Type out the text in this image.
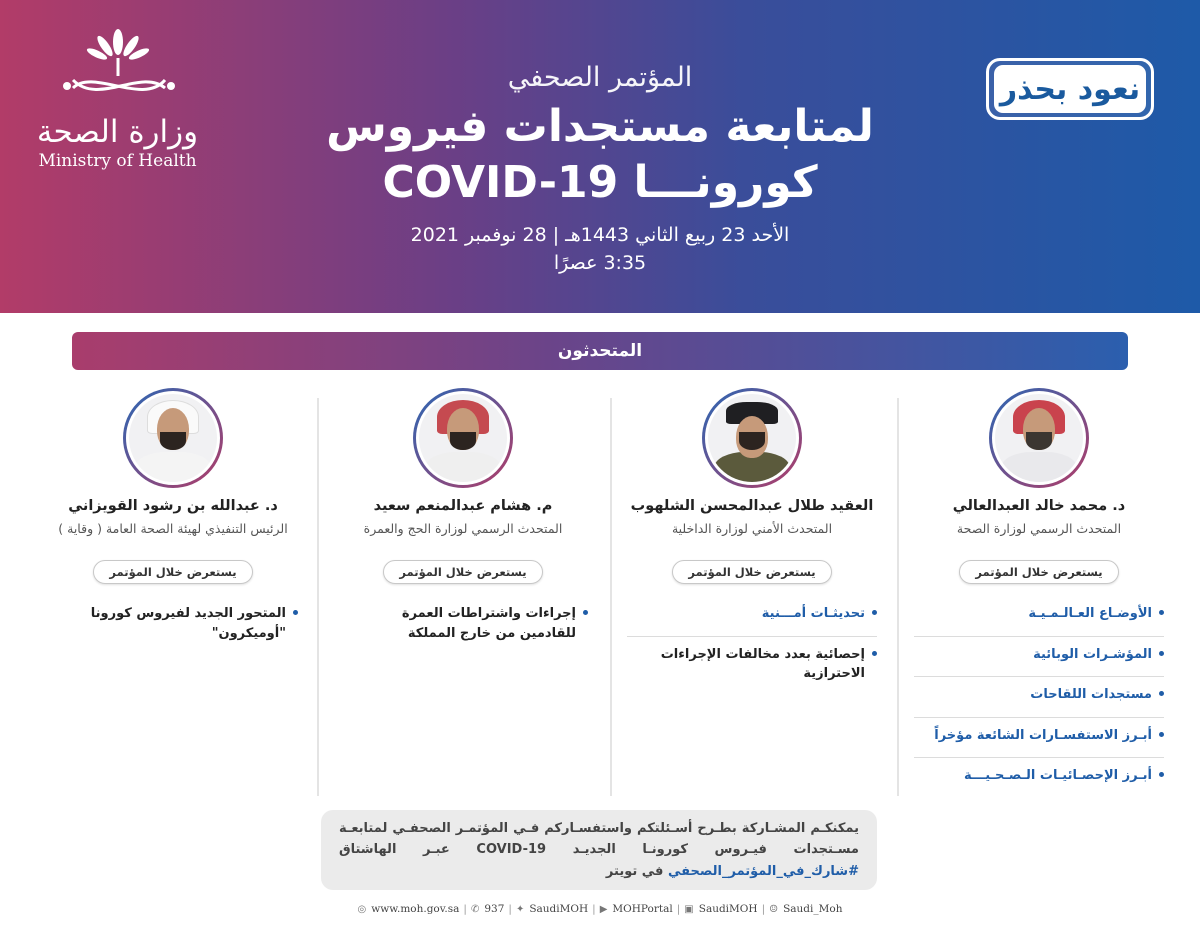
وزارة الصحة
Ministry of Health
المؤتمر الصحفي
لمتابعة مستجدات فيروس
كورونـــا COVID-19
الأحد 23 ربيع الثاني 1443هـ | 28 نوفمبر 2021
3:35 عصرًا
نعود بحذر
المتحدثون
د. محمد خالد العبدالعالي
المتحدث الرسمي لوزارة الصحة
يستعرض خلال المؤتمر
الأوضـاع العـالـمـيـة
المؤشـرات الوبائية
مستجدات اللقاحات
أبـرز الاستفسـارات الشائعة مؤخراً
أبـرز الإحصـائيـات الـصـحـيـــة
العقيد طلال عبدالمحسن الشلهوب
المتحدث الأمني لوزارة الداخلية
يستعرض خلال المؤتمر
تحديثـات أمـــنية
إحصائية بعدد مخالفات الإجراءات الاحترازية
م. هشام عبدالمنعم سعيد
المتحدث الرسمي لوزارة الحج والعمرة
يستعرض خلال المؤتمر
إجراءات واشتراطات العمرة للقادمين من خارج المملكة
د. عبدالله بن رشود القويزاني
الرئيس التنفيذي لهيئة الصحة العامة ( وقاية )
يستعرض خلال المؤتمر
المتحور الجديد لفيروس كورونا "أوميكرون"
يمكنكـم المشـاركة بطـرح أسـئلتكم واستفسـاركم فـي المؤتمـر الصحفـي لمتابعـة مسـتجدات فيـروس كورونـا الجديـد COVID-19 عبـر الهاشتاق #شارك_في_المؤتمر_الصحفي في تويتر
◎ www.moh.gov.sa | ✆ 937 | ✦ SaudiMOH | ▶ MOHPortal | ▣ SaudiMOH | ☺ Saudi_Moh
